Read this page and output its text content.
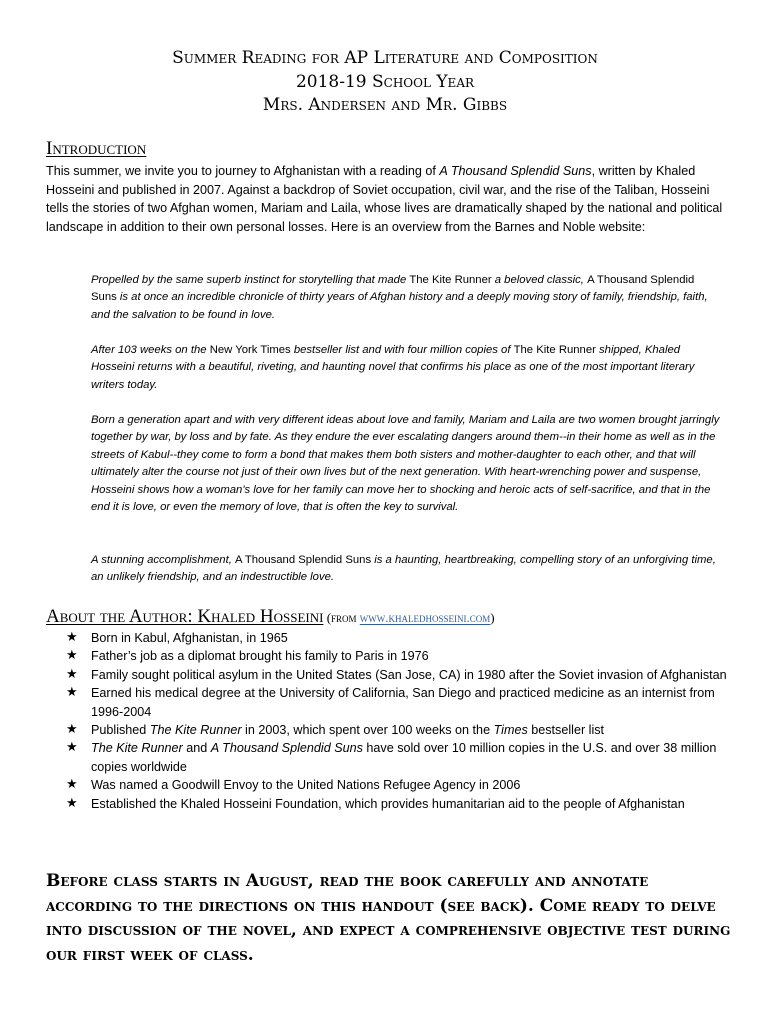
Summer Reading for AP Literature and Composition
2018-19 School Year
Mrs. Andersen and Mr. Gibbs
Introduction
This summer, we invite you to journey to Afghanistan with a reading of A Thousand Splendid Suns, written by Khaled Hosseini and published in 2007. Against a backdrop of Soviet occupation, civil war, and the rise of the Taliban, Hosseini tells the stories of two Afghan women, Mariam and Laila, whose lives are dramatically shaped by the national and political landscape in addition to their own personal losses. Here is an overview from the Barnes and Noble website:
Propelled by the same superb instinct for storytelling that made The Kite Runner a beloved classic, A Thousand Splendid Suns is at once an incredible chronicle of thirty years of Afghan history and a deeply moving story of family, friendship, faith, and the salvation to be found in love.
After 103 weeks on the New York Times bestseller list and with four million copies of The Kite Runner shipped, Khaled Hosseini returns with a beautiful, riveting, and haunting novel that confirms his place as one of the most important literary writers today.
Born a generation apart and with very different ideas about love and family, Mariam and Laila are two women brought jarringly together by war, by loss and by fate. As they endure the ever escalating dangers around them--in their home as well as in the streets of Kabul--they come to form a bond that makes them both sisters and mother-daughter to each other, and that will ultimately alter the course not just of their own lives but of the next generation. With heart-wrenching power and suspense, Hosseini shows how a woman's love for her family can move her to shocking and heroic acts of self-sacrifice, and that in the end it is love, or even the memory of love, that is often the key to survival.
A stunning accomplishment, A Thousand Splendid Suns is a haunting, heartbreaking, compelling story of an unforgiving time, an unlikely friendship, and an indestructible love.
About the Author: Khaled Hosseini (from www.khaledhosseini.com)
★ Born in Kabul, Afghanistan, in 1965
★ Father’s job as a diplomat brought his family to Paris in 1976
★ Family sought political asylum in the United States (San Jose, CA) in 1980 after the Soviet invasion of Afghanistan
★ Earned his medical degree at the University of California, San Diego and practiced medicine as an internist from 1996-2004
★ Published The Kite Runner in 2003, which spent over 100 weeks on the Times bestseller list
★ The Kite Runner and A Thousand Splendid Suns have sold over 10 million copies in the U.S. and over 38 million copies worldwide
★ Was named a Goodwill Envoy to the United Nations Refugee Agency in 2006
★ Established the Khaled Hosseini Foundation, which provides humanitarian aid to the people of Afghanistan
Before class starts in August, read the book carefully and annotate according to the directions on this handout (see back). Come ready to delve into discussion of the novel, and expect a comprehensive objective test during our first week of class.
